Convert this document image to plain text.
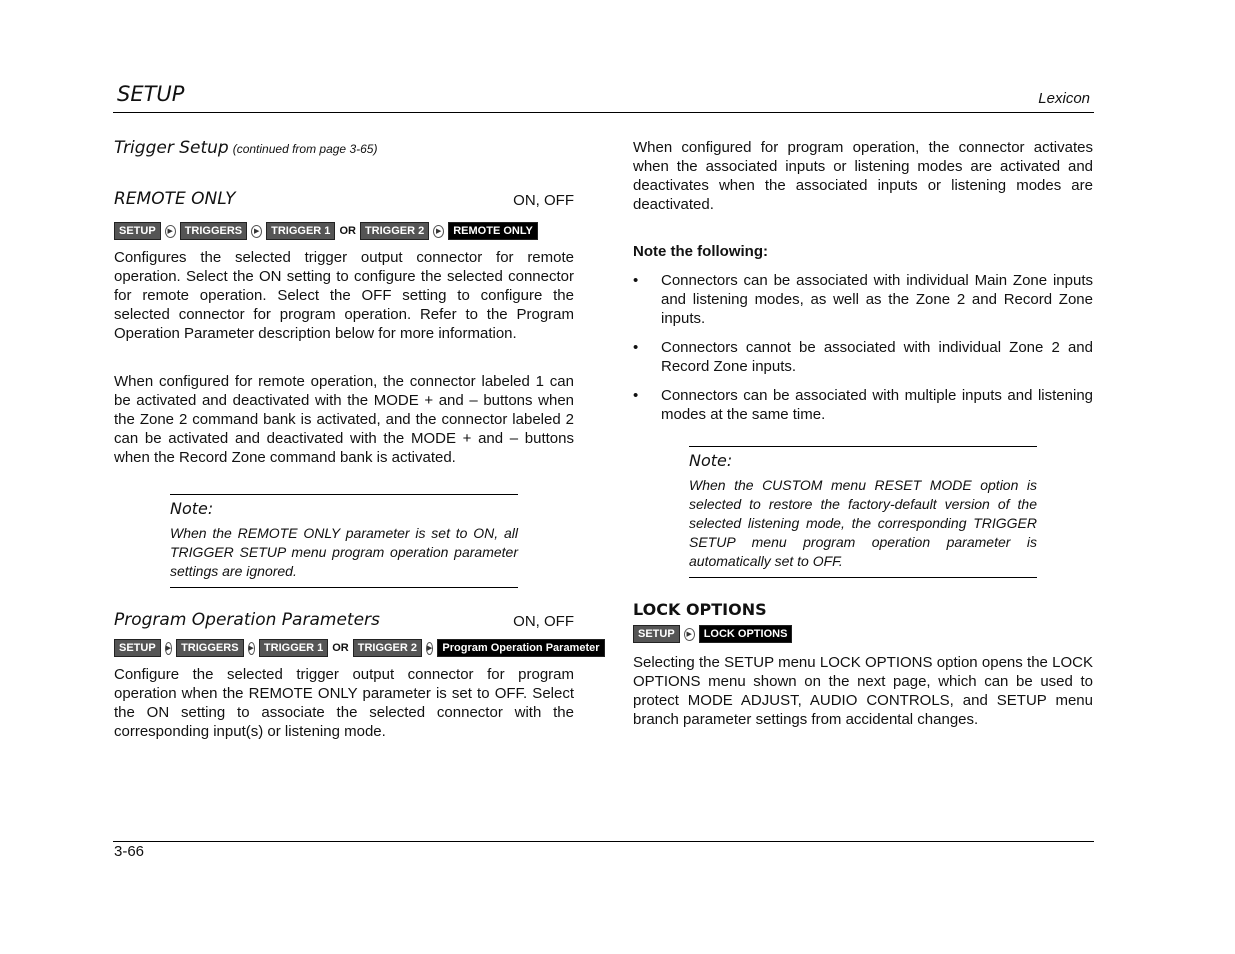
SETUP	Lexicon
Trigger Setup (continued from page 3-65)
REMOTE ONLY	ON, OFF
SETUP	▶	TRIGGERS	▶	TRIGGER 1 OR TRIGGER 2	▶	REMOTE ONLY

Configures the selected trigger output connector for remote operation. Select the ON setting to configure the selected connector for remote operation. Select the OFF setting to configure the selected connector for program operation. Refer to the Program Operation Parameter description below for more information.

When configured for remote operation, the connector labeled 1 can be activated and deactivated with the MODE + and – buttons when the Zone 2 command bank is activated, and the connector labeled 2 can be activated and deactivated with the MODE + and – buttons when the Record Zone command bank is activated.

Note:

When the REMOTE ONLY parameter is set to ON, all TRIGGER SETUP menu program operation parameter settings are ignored.

Program Operation Parameters	ON, OFF
SETUP	▶ TRIGGERS	▶ TRIGGER 1 OR TRIGGER 2	▶ Program Operation Parameter

Configure the selected trigger output connector for program operation when the REMOTE ONLY parameter is set to OFF. Select the ON setting to associate the selected connector with the corresponding input(s) or listening mode.

When configured for program operation, the connector activates when the associated inputs or listening modes are activated and deactivates when the associated inputs or listening modes are deactivated.

Note the following:
• Connectors can be associated with individual Main Zone inputs and listening modes, as well as the Zone 2 and Record Zone inputs.
• Connectors cannot be associated with individual Zone 2 and Record Zone inputs.
• Connectors can be associated with multiple inputs and listening modes at the same time.
Note:

When the CUSTOM menu RESET MODE option is selected to restore the factory-default version of the selected listening mode, the corresponding TRIGGER SETUP menu program operation parameter is automatically set to OFF.

LOCK OPTIONS
SETUP	▶	LOCK OPTIONS

Selecting the SETUP menu LOCK OPTIONS option opens the LOCK OPTIONS menu shown on the next page, which can be used to protect MODE ADJUST, AUDIO CONTROLS, and SETUP menu branch parameter settings from accidental changes.

3-66
